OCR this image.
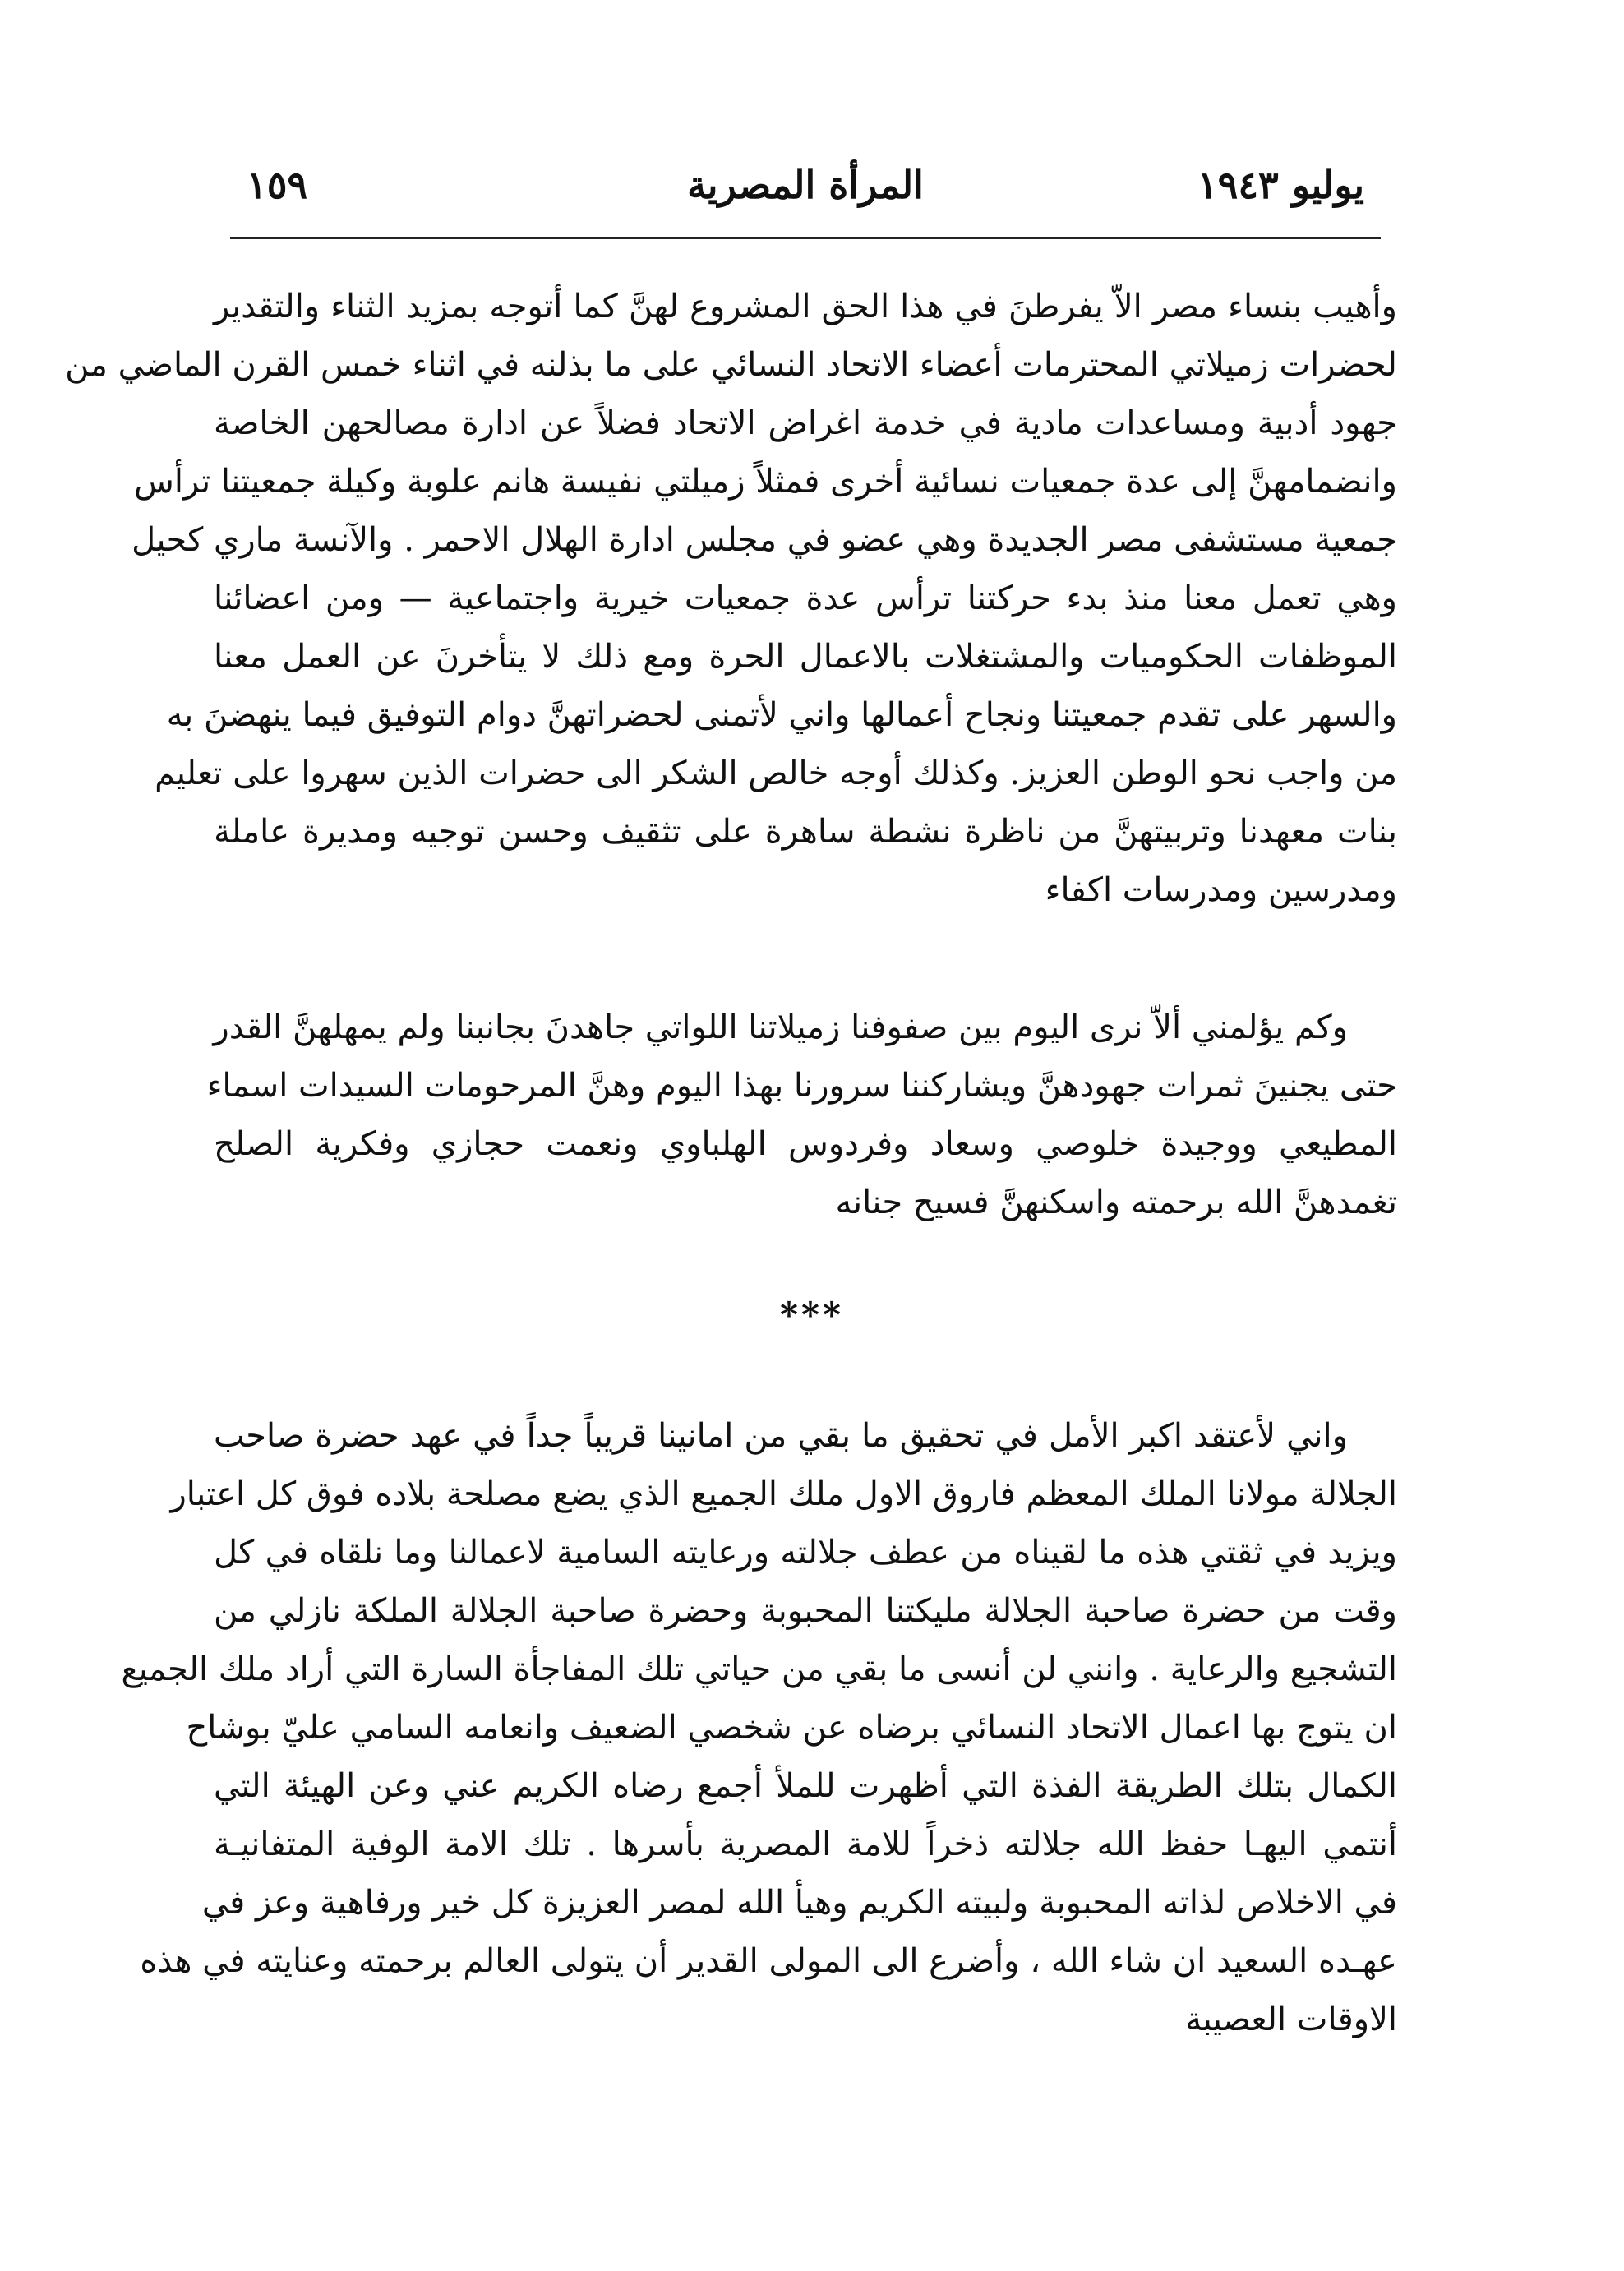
يوليو ١٩٤٣
المرأة المصرية
١٥٩
وأهيب بنساء مصر الاّ يفرطنَ في هذا الحق المشروع لهنَّ كما أتوجه بمزيد الثناء والتقدير
لحضرات زميلاتي المحترمات أعضاء الاتحاد النسائي على ما بذلنه في اثناء خمس القرن الماضي من
جهود أدبية ومساعدات مادية في خدمة اغراض الاتحاد فضلاً عن ادارة مصالحهن الخاصة
وانضمامهنَّ إلى عدة جمعيات نسائية أخرى فمثلاً زميلتي نفيسة هانم علوبة وكيلة جمعيتنا ترأس
جمعية مستشفى مصر الجديدة وهي عضو في مجلس ادارة الهلال الاحمر . والآنسة ماري كحيل
وهي تعمل معنا منذ بدء حركتنا ترأس عدة جمعيات خيرية واجتماعية — ومن اعضائنا
الموظفات الحكوميات والمشتغلات بالاعمال الحرة ومع ذلك لا يتأخرنَ عن العمل معنا
والسهر على تقدم جمعيتنا ونجاح أعمالها واني لأتمنى لحضراتهنَّ دوام التوفيق فيما ينهضنَ به
من واجب نحو الوطن العزيز. وكذلك أوجه خالص الشكر الى حضرات الذين سهروا على تعليم
بنات معهدنا وتربيتهنَّ من ناظرة نشطة ساهرة على تثقيف وحسن توجيه ومديرة عاملة
ومدرسين ومدرسات اكفاء
وكم يؤلمني ألاّ نرى اليوم بين صفوفنا زميلاتنا اللواتي جاهدنَ بجانبنا ولم يمهلهنَّ القدر
حتى يجنينَ ثمرات جهودهنَّ ويشاركننا سرورنا بهذا اليوم وهنَّ المرحومات السيدات اسماء
المطيعي ووجيدة خلوصي وسعاد وفردوس الهلباوي ونعمت حجازي وفكرية الصلح
تغمدهنَّ الله برحمته واسكنهنَّ فسيح جنانه
***
واني لأعتقد اكبر الأمل في تحقيق ما بقي من امانينا قريباً جداً في عهد حضرة صاحب
الجلالة مولانا الملك المعظم فاروق الاول ملك الجميع الذي يضع مصلحة بلاده فوق كل اعتبار
ويزيد في ثقتي هذه ما لقيناه من عطف جلالته ورعايته السامية لاعمالنا وما نلقاه في كل
وقت من حضرة صاحبة الجلالة مليكتنا المحبوبة وحضرة صاحبة الجلالة الملكة نازلي من
التشجيع والرعاية . وانني لن أنسى ما بقي من حياتي تلك المفاجأة السارة التي أراد ملك الجميع
ان يتوج بها اعمال الاتحاد النسائي برضاه عن شخصي الضعيف وانعامه السامي عليّ بوشاح
الكمال بتلك الطريقة الفذة التي أظهرت للملأ أجمع رضاه الكريم عني وعن الهيئة التي
أنتمي اليهـا حفظ الله جلالته ذخراً للامة المصرية بأسرها . تلك الامة الوفية المتفانيـة
في الاخلاص لذاته المحبوبة ولبيته الكريم وهيأ الله لمصر العزيزة كل خير ورفاهية وعز في
عهـده السعيد ان شاء الله ، وأضرع الى المولى القدير أن يتولى العالم برحمته وعنايته في هذه
الاوقات العصيبة
